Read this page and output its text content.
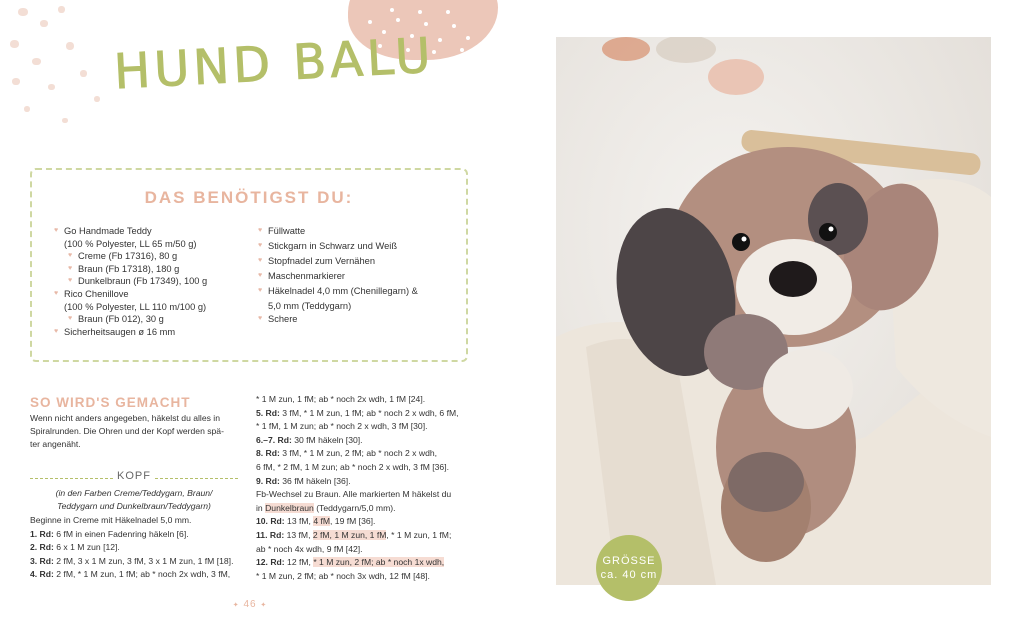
HUND BALU
DAS BENÖTIGST DU:
♥ Go Handmade Teddy
(100 % Polyester, LL 65 m/50 g)
♥ Creme (Fb 17316), 80 g
♥ Braun (Fb 17318), 180 g
♥ Dunkelbraun (Fb 17349), 100 g
♥ Rico Chenillove
(100 % Polyester, LL 110 m/100 g)
♥ Braun (Fb 012), 30 g
♥ Sicherheitsaugen ø 16 mm
♥ Füllwatte
♥ Stickgarn in Schwarz und Weiß
♥ Stopfnadel zum Vernähen
♥ Maschenmarkierer
♥ Häkelnadel 4,0 mm (Chenillegarn) &
5,0 mm (Teddygarn)
♥ Schere
SO WIRD'S GEMACHT
Wenn nicht anders angegeben, häkelst du alles in
Spiralrunden. Die Ohren und der Kopf werden spä-
ter angenäht.
KOPF
(in den Farben Creme/Teddygarn, Braun/
Teddygarn und Dunkelbraun/Teddygarn)
Beginne in Creme mit Häkelnadel 5,0 mm.
1. Rd: 6 fM in einen Fadenring häkeln [6].
2. Rd: 6 x 1 M zun [12].
3. Rd: 2 fM, 3 x 1 M zun, 3 fM, 3 x 1 M zun, 1 fM [18].
4. Rd: 2 fM, * 1 M zun, 1 fM; ab * noch 2x wdh, 3 fM,
* 1 M zun, 1 fM; ab * noch 2x wdh, 1 fM [24].
5. Rd: 3 fM, * 1 M zun, 1 fM; ab * noch 2 x wdh, 6 fM,
* 1 fM, 1 M zun; ab * noch 2 x wdh, 3 fM [30].
6.–7. Rd: 30 fM häkeln [30].
8. Rd: 3 fM, * 1 M zun, 2 fM; ab * noch 2 x wdh,
6 fM, * 2 fM, 1 M zun; ab * noch 2 x wdh, 3 fM [36].
9. Rd: 36 fM häkeln [36].
Fb-Wechsel zu Braun. Alle markierten M häkelst du
in Dunkelbraun (Teddygarn/5,0 mm).
10. Rd: 13 fM, 4 fM, 19 fM [36].
11. Rd: 13 fM, 2 fM, 1 M zun, 1 fM, * 1 M zun, 1 fM;
ab * noch 4x wdh, 9 fM [42].
12. Rd: 12 fM, * 1 M zun, 2 fM; ab * noch 1x wdh,
* 1 M zun, 2 fM; ab * noch 3x wdh, 12 fM [48].
✦ 46 ✦
GRÖSSE
ca. 40 cm
